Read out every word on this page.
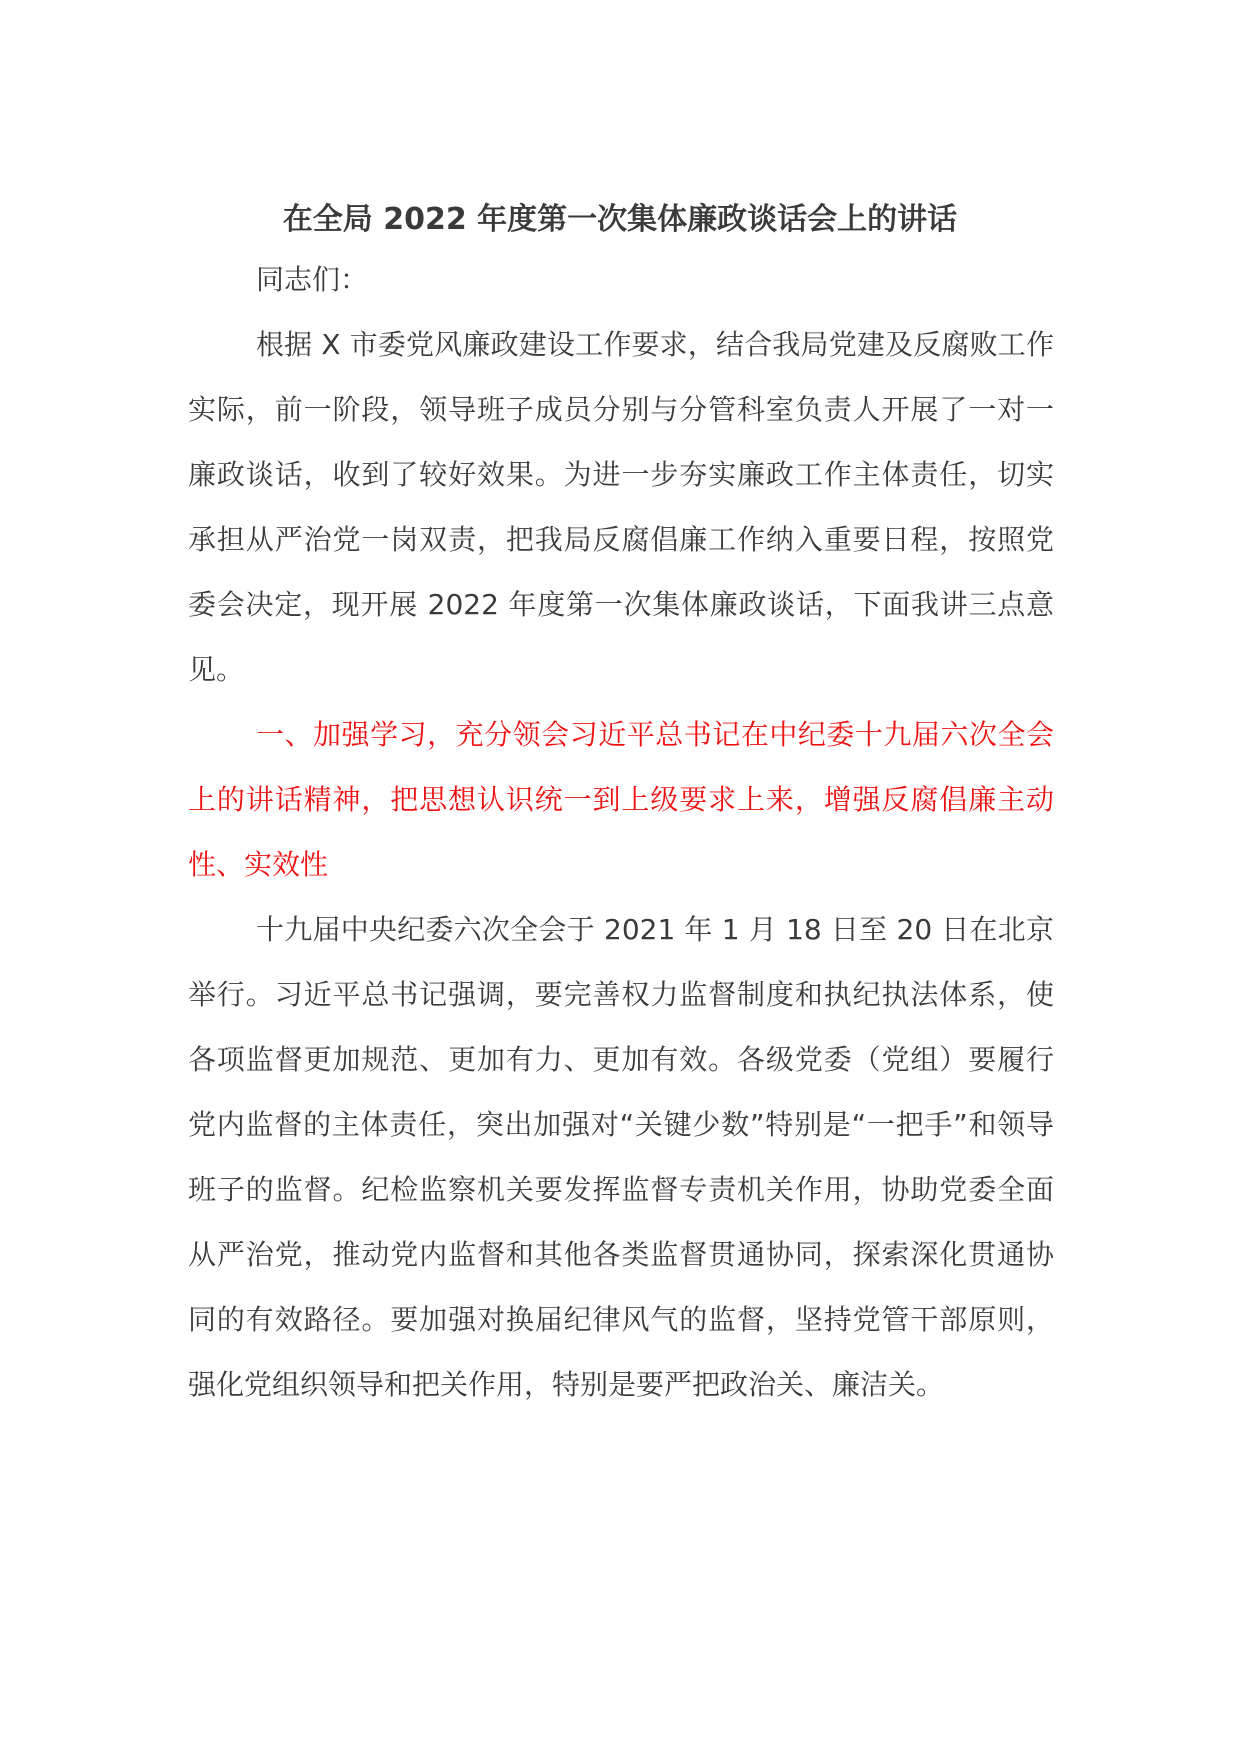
在全局 2022 年度第一次集体廉政谈话会上的讲话

同志们：

根据 X 市委党风廉政建设工作要求，结合我局党建及反腐败工作实际，前一阶段，领导班子成员分别与分管科室负责人开展了一对一廉政谈话，收到了较好效果。为进一步夯实廉政工作主体责任，切实承担从严治党一岗双责，把我局反腐倡廉工作纳入重要日程，按照党委会决定，现开展 2022 年度第一次集体廉政谈话，下面我讲三点意见。

一、加强学习，充分领会习近平总书记在中纪委十九届六次全会上的讲话精神，把思想认识统一到上级要求上来，增强反腐倡廉主动性、实效性

十九届中央纪委六次全会于 2021 年 1 月 18 日至 20 日在北京举行。习近平总书记强调，要完善权力监督制度和执纪执法体系，使各项监督更加规范、更加有力、更加有效。各级党委（党组）要履行党内监督的主体责任，突出加强对“关键少数”特别是“一把手”和领导班子的监督。纪检监察机关要发挥监督专责机关作用，协助党委全面从严治党，推动党内监督和其他各类监督贯通协同，探索深化贯通协同的有效路径。要加强对换届纪律风气的监督，坚持党管干部原则，强化党组织领导和把关作用，特别是要严把政治关、廉洁关。
